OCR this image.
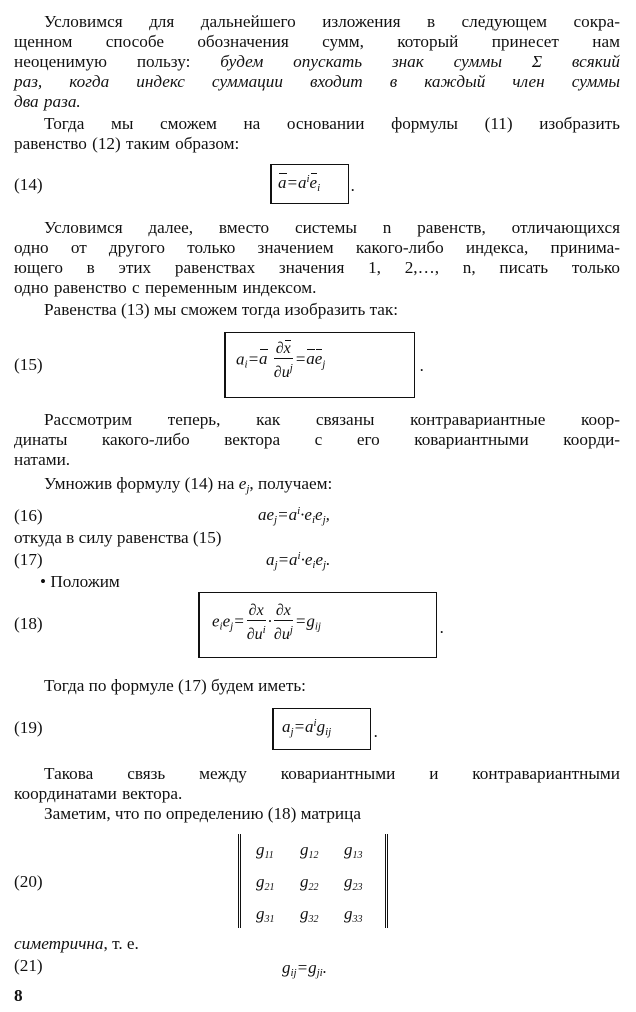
Условимся для дальнейшего изложения в следующем сокра-
щенном способе обозначения сумм, который принесет нам
неоценимую пользу: будем опускать знак суммы Σ всякий
раз, когда индекс суммации входит в каждый член суммы
два раза.
Тогда мы сможем на основании формулы (11) изобразить
равенство (12) таким образом:
(14)	$a=a^ie_i$ .
Условимся далее, вместо системы n равенств, отличающихся
одно от другого только значением какого-либо индекса, принима-
ющего в этих равенствах значения 1, 2,…, n, писать только
одно равенство с переменным индексом.
Равенства (13) мы сможем тогда изобразить так:
(15)	$a_i=a \frac{\partial x}{\partial u^j} =ae_j$	.
Рассмотрим теперь, как связаны контравариантные коор-
динаты какого-либо вектора с его ковариантными коорди-
натами.
Умножив формулу (14) на $e_j$, получаем:
(16)	$ae_j=a^i\cdot e_ie_j$,
откуда в силу равенства (15)
(17)	$a_j=a^i\cdot e_ie_j$.
• Положим
(18)	$e_ie_j= \frac{\partial x}{\partial u^i} \cdot \frac{\partial x}{\partial u^j} =g_{ij}$	.
Тогда по формуле (17) будем иметь:
(19)	$a_j=a^ig_{ij}$	.
Такова связь между ковариантными и контравариантными
координатами вектора.
Заметим, что по определению (18) матрица
(20)
$g_{11}$ $g_{12}$ $g_{13}$
$g_{21}$ $g_{22}$ $g_{23}$
$g_{31}$ $g_{32}$ $g_{33}$
симетрична, т. е.
(21)	$g_{ij}=g_{ji}$.
8
